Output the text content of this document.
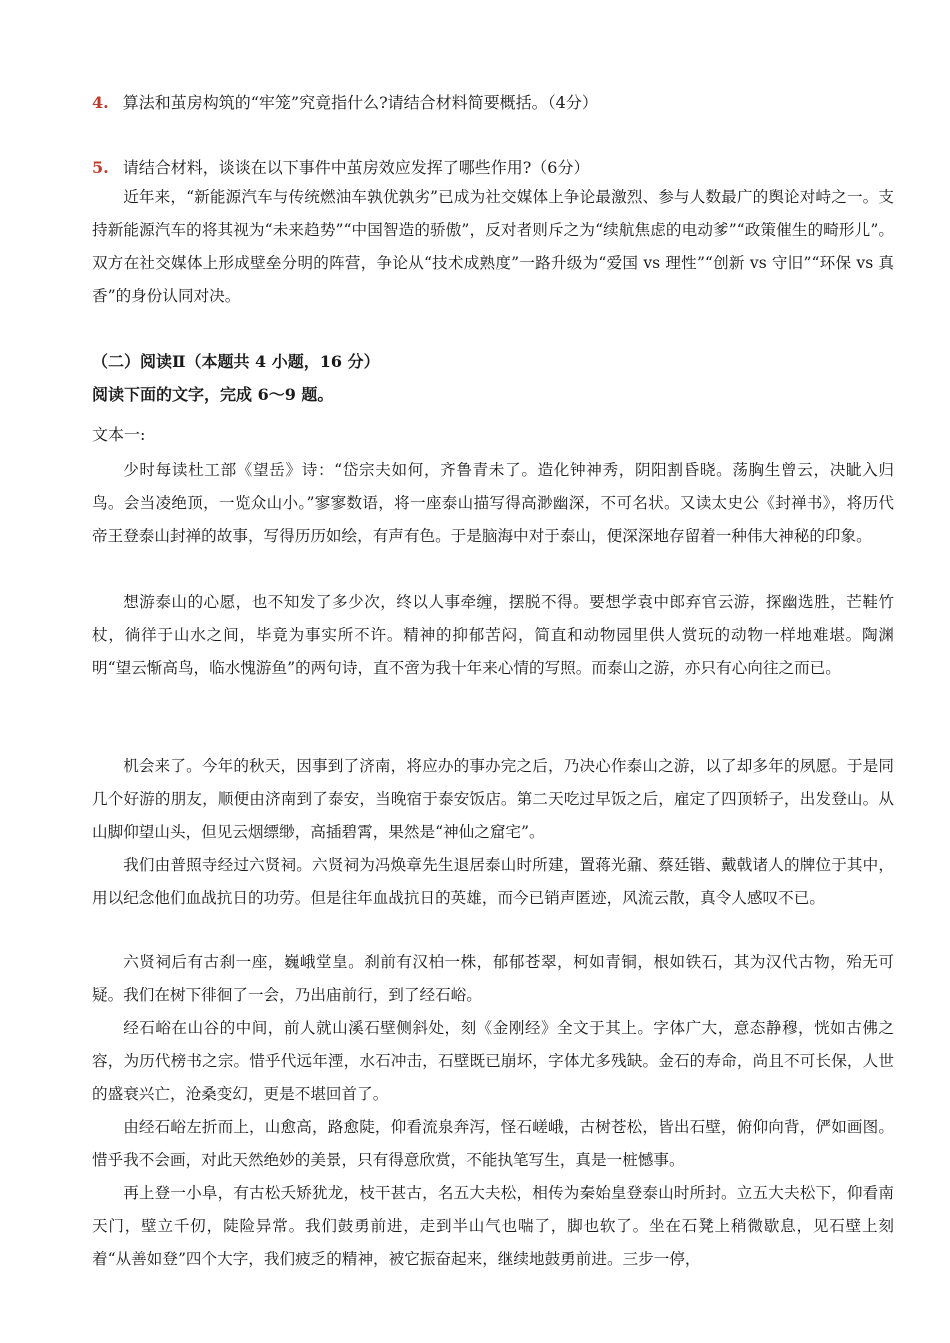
4. 算法和茧房构筑的“牢笼”究竟指什么?请结合材料简要概括。（4分）
5. 请结合材料，谈谈在以下事件中茧房效应发挥了哪些作用?（6分）

近年来，“新能源汽车与传统燃油车孰优孰劣”已成为社交媒体上争论最激烈、参与人数最广的舆论对峙之一。支持新能源汽车的将其视为“未来趋势”“中国智造的骄傲”，反对者则斥之为“续航焦虑的电动爹”“政策催生的畸形儿”。双方在社交媒体上形成壁垒分明的阵营，争论从“技术成熟度”一路升级为“爱国 vs 理性”“创新 vs 守旧”“环保 vs 真香”的身份认同对决。

（二）阅读Ⅱ（本题共 4 小题，16 分）
阅读下面的文字，完成 6～9 题。
文本一:

少时每读杜工部《望岳》诗：“岱宗夫如何，齐鲁青未了。造化钟神秀，阴阳割昏晓。荡胸生曾云，决眦入归鸟。会当凌绝顶，一览众山小。”寥寥数语，将一座泰山描写得高渺幽深，不可名状。又读太史公《封禅书》，将历代帝王登泰山封禅的故事，写得历历如绘，有声有色。于是脑海中对于泰山，便深深地存留着一种伟大神秘的印象。

想游泰山的心愿，也不知发了多少次，终以人事牵缠，摆脱不得。要想学袁中郎弃官云游，探幽选胜，芒鞋竹杖，徜徉于山水之间，毕竟为事实所不许。精神的抑郁苦闷，简直和动物园里供人赏玩的动物一样地难堪。陶渊明“望云惭高鸟，临水愧游鱼”的两句诗，直不啻为我十年来心情的写照。而泰山之游，亦只有心向往之而已。

机会来了。今年的秋天，因事到了济南，将应办的事办完之后，乃决心作泰山之游，以了却多年的夙愿。于是同几个好游的朋友，顺便由济南到了泰安，当晚宿于泰安饭店。第二天吃过早饭之后，雇定了四顶轿子，出发登山。从山脚仰望山头，但见云烟缥缈，高插碧霄，果然是“神仙之窟宅”。

我们由普照寺经过六贤祠。六贤祠为冯焕章先生退居泰山时所建，置蒋光鼐、蔡廷锴、戴戟诸人的牌位于其中，用以纪念他们血战抗日的功劳。但是往年血战抗日的英雄，而今已销声匿迹，风流云散，真令人感叹不已。

六贤祠后有古刹一座，巍峨堂皇。刹前有汉柏一株，郁郁苍翠，柯如青铜，根如铁石，其为汉代古物，殆无可疑。我们在树下徘徊了一会，乃出庙前行，到了经石峪。

经石峪在山谷的中间，前人就山溪石壁侧斜处，刻《金刚经》全文于其上。字体广大，意态静穆，恍如古佛之容，为历代榜书之宗。惜乎代远年湮，水石冲击，石壁既已崩坏，字体尤多残缺。金石的寿命，尚且不可长保，人世的盛衰兴亡，沧桑变幻，更是不堪回首了。

由经石峪左折而上，山愈高，路愈陡，仰看流泉奔泻，怪石嵯峨，古树苍松，皆出石壁，俯仰向背，俨如画图。惜乎我不会画，对此天然绝妙的美景，只有得意欣赏，不能执笔写生，真是一桩憾事。

再上登一小阜，有古松夭矫犹龙，枝干甚古，名五大夫松，相传为秦始皇登泰山时所封。立五大夫松下，仰看南天门，壁立千仞，陡险异常。我们鼓勇前进，走到半山气也喘了，脚也软了。坐在石凳上稍微歇息，见石壁上刻着“从善如登”四个大字，我们疲乏的精神，被它振奋起来，继续地鼓勇前进。三步一停，
